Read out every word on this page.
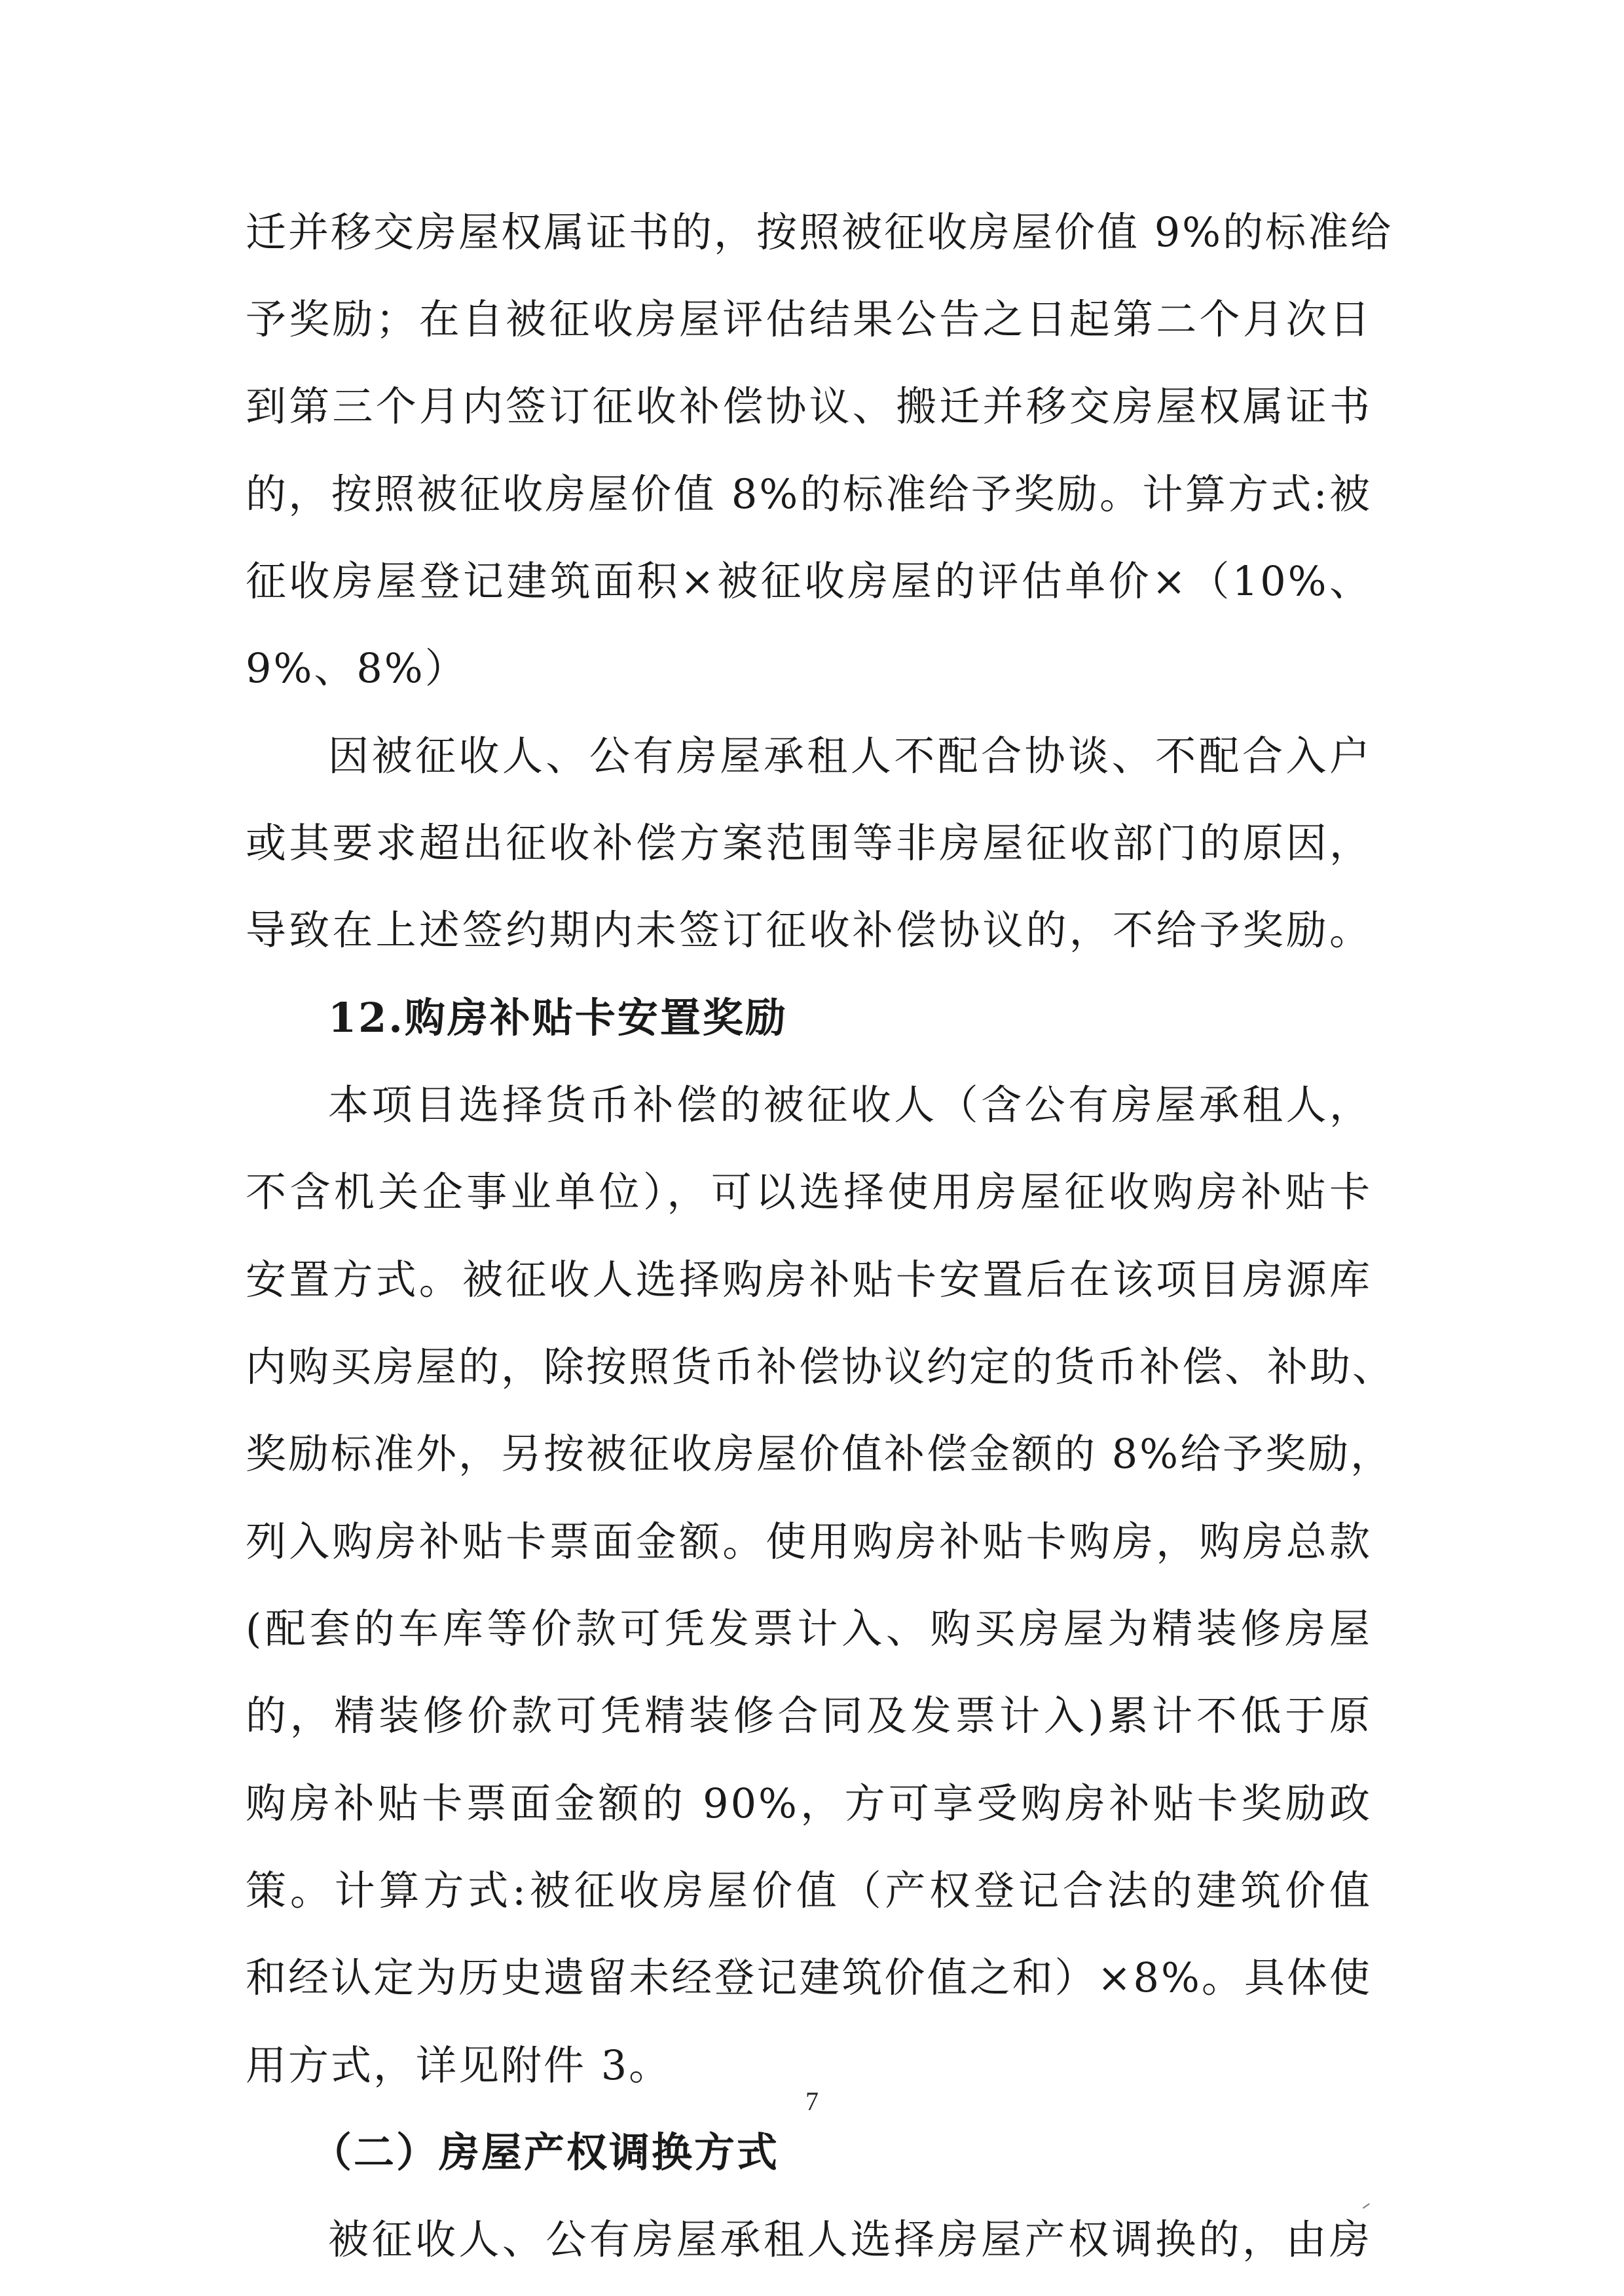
迁并移交房屋权属证书的，按照被征收房屋价值 9%的标准给
予奖励；在自被征收房屋评估结果公告之日起第二个月次日
到第三个月内签订征收补偿协议、搬迁并移交房屋权属证书
的，按照被征收房屋价值 8%的标准给予奖励。计算方式:被
征收房屋登记建筑面积×被征收房屋的评估单价×（10%、
9%、8%）
因被征收人、公有房屋承租人不配合协谈、不配合入户
或其要求超出征收补偿方案范围等非房屋征收部门的原因，
导致在上述签约期内未签订征收补偿协议的，不给予奖励。
12.购房补贴卡安置奖励
本项目选择货币补偿的被征收人（含公有房屋承租人，
不含机关企事业单位），可以选择使用房屋征收购房补贴卡
安置方式。被征收人选择购房补贴卡安置后在该项目房源库
内购买房屋的，除按照货币补偿协议约定的货币补偿、补助、
奖励标准外，另按被征收房屋价值补偿金额的 8%给予奖励，
列入购房补贴卡票面金额。使用购房补贴卡购房，购房总款
(配套的车库等价款可凭发票计入、购买房屋为精装修房屋
的，精装修价款可凭精装修合同及发票计入)累计不低于原
购房补贴卡票面金额的 90%，方可享受购房补贴卡奖励政
策。计算方式:被征收房屋价值（产权登记合法的建筑价值
和经认定为历史遗留未经登记建筑价值之和）×8%。具体使
用方式，详见附件 3。
（二）房屋产权调换方式
被征收人、公有房屋承租人选择房屋产权调换的，由房
7
